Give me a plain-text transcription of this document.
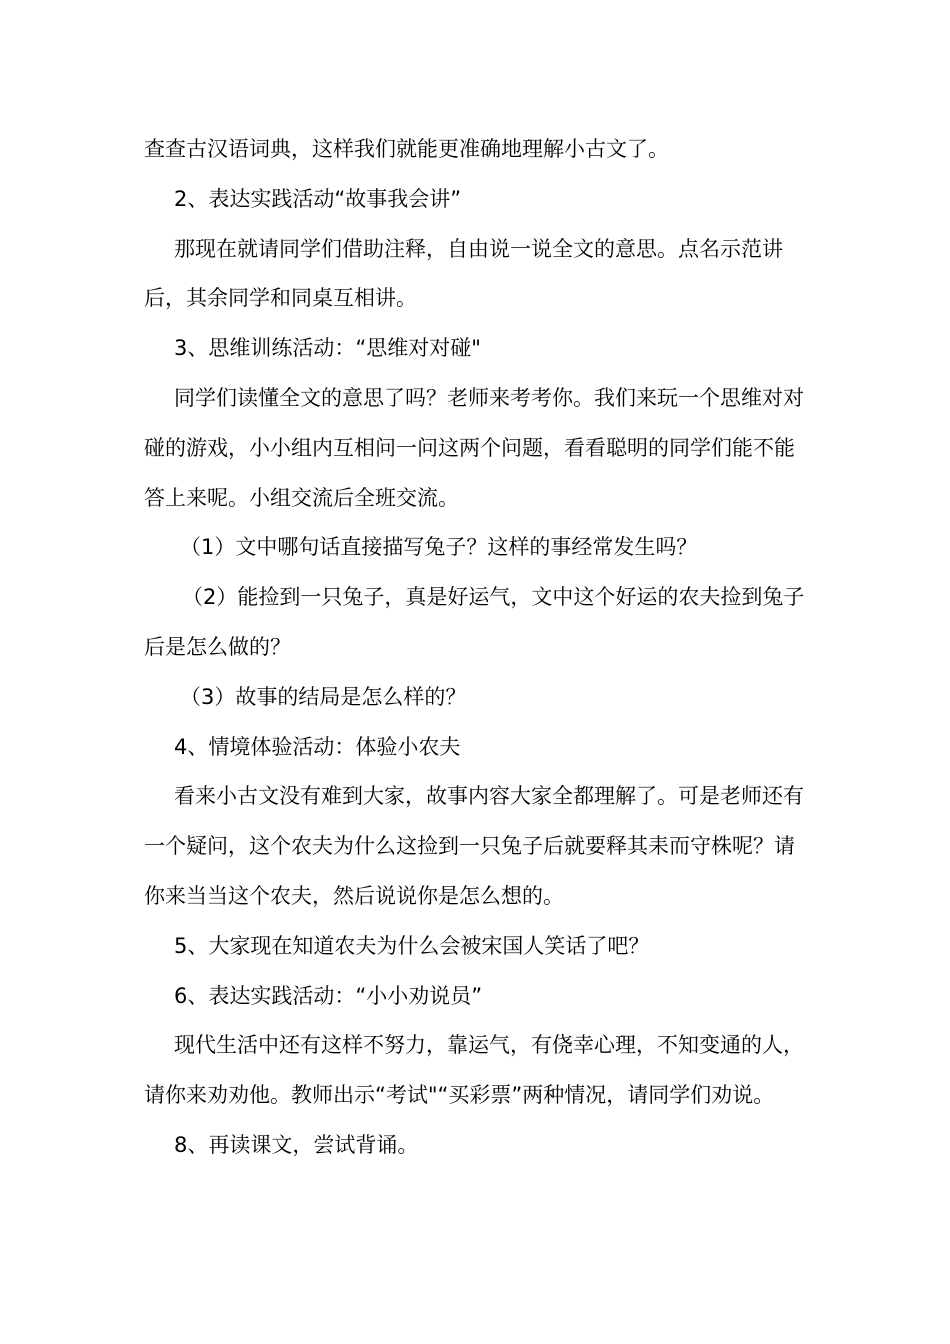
查查古汉语词典，这样我们就能更准确地理解小古文了。

2、表达实践活动“故事我会讲”

那现在就请同学们借助注释，自由说一说全文的意思。点名示范讲后，其余同学和同桌互相讲。

3、思维训练活动：“思维对对碰"

同学们读懂全文的意思了吗？老师来考考你。我们来玩一个思维对对碰的游戏，小小组内互相问一问这两个问题，看看聪明的同学们能不能答上来呢。小组交流后全班交流。

（1）文中哪句话直接描写兔子？这样的事经常发生吗？

（2）能捡到一只兔子，真是好运气，文中这个好运的农夫捡到兔子后是怎么做的？

（3）故事的结局是怎么样的？

4、情境体验活动：体验小农夫

看来小古文没有难到大家，故事内容大家全都理解了。可是老师还有一个疑问，这个农夫为什么这捡到一只兔子后就要释其耒而守株呢？请你来当当这个农夫，然后说说你是怎么想的。

5、大家现在知道农夫为什么会被宋国人笑话了吧？

6、表达实践活动：“小小劝说员”

现代生活中还有这样不努力，靠运气，有侥幸心理，不知变通的人，请你来劝劝他。教师出示“考试"“买彩票”两种情况，请同学们劝说。

8、再读课文，尝试背诵。
